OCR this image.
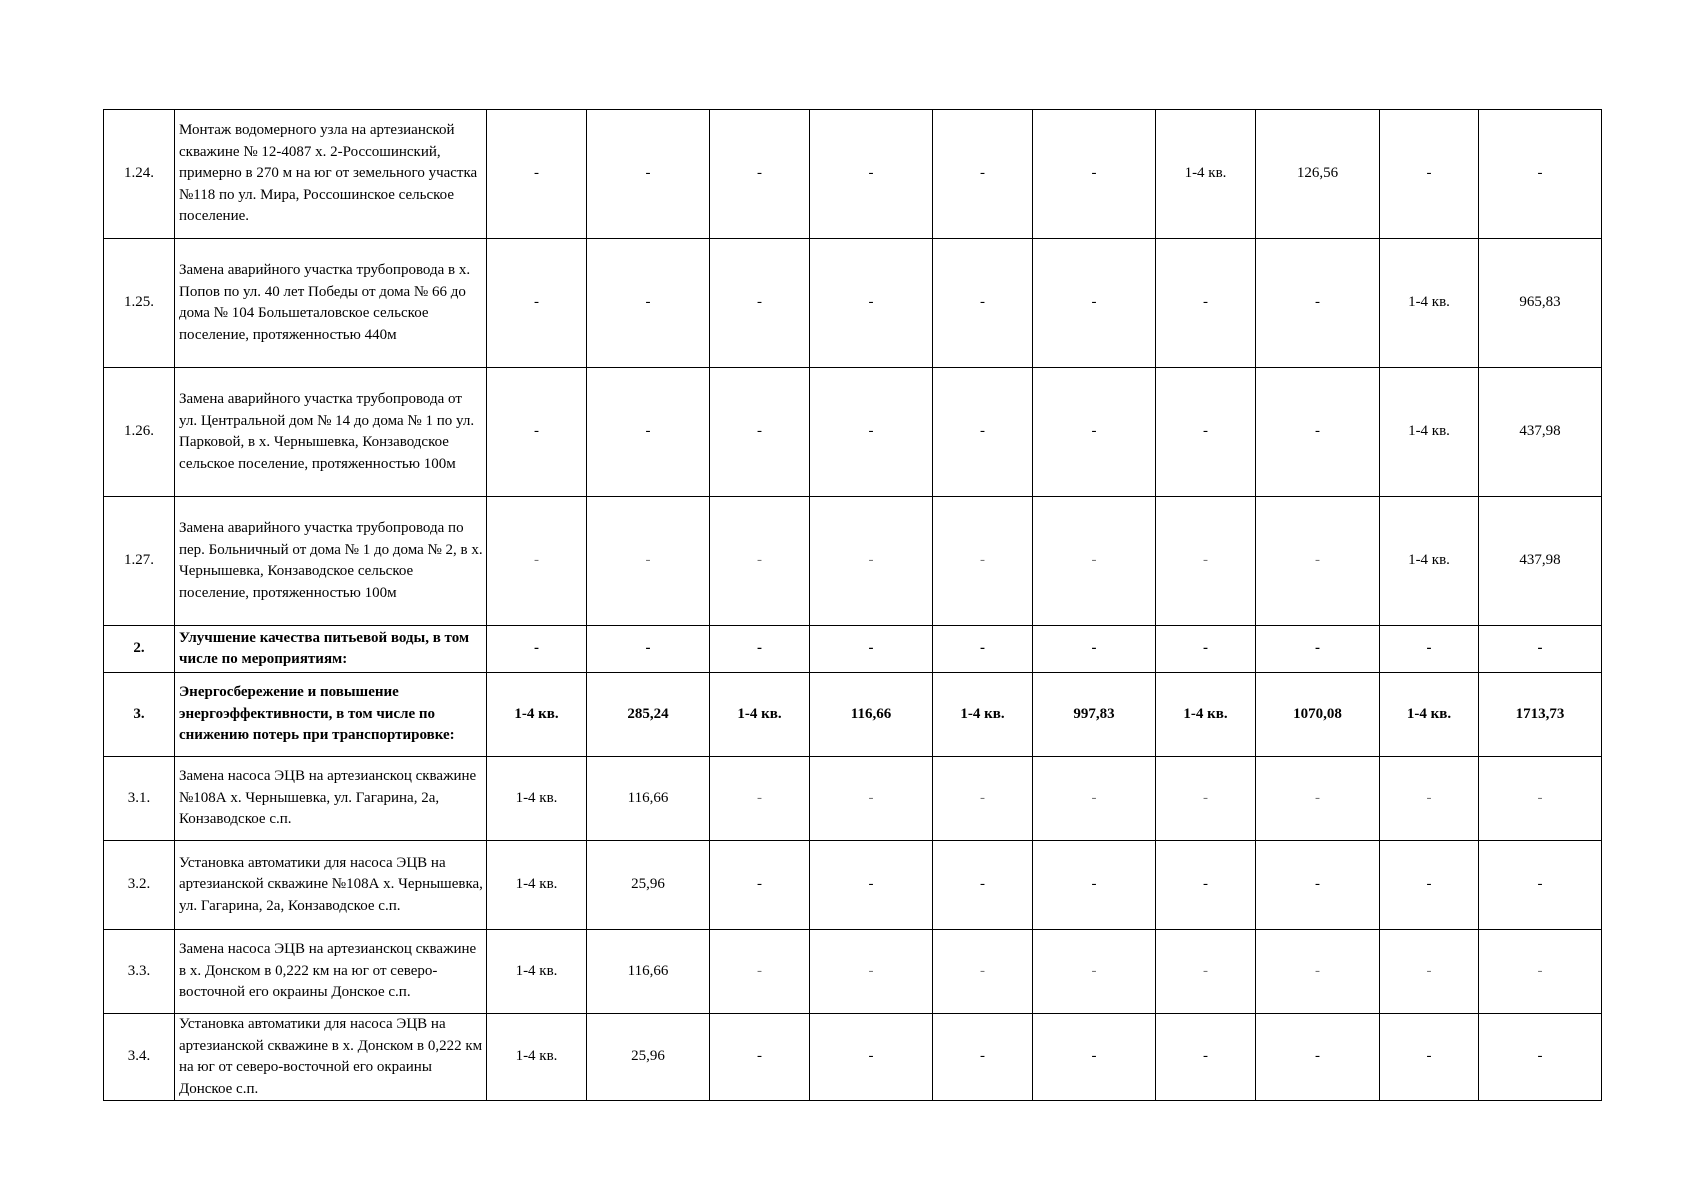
1.24.	Монтаж водомерного узла на артезианской скважине № 12-4087 х. 2-Россошинский, примерно в 270 м на юг от земельного участка №118 по ул. Мира, Россошинское сельское поселение.	-	-	-	-	-	-	1-4 кв.	126,56	-	-
1.25.	Замена аварийного участка трубопровода в х. Попов по ул. 40 лет Победы от дома № 66 до дома № 104 Большеталовское сельское поселение, протяженностью 440м	-	-	-	-	-	-	-	-	1-4 кв.	965,83
1.26.	Замена аварийного участка трубопровода от ул. Центральной дом № 14 до дома № 1 по ул. Парковой, в х. Чернышевка, Конзаводское сельское поселение, протяженностью 100м	-	-	-	-	-	-	-	-	1-4 кв.	437,98
1.27.	Замена аварийного участка трубопровода по пер. Больничный от дома № 1 до дома № 2, в х. Чернышевка, Конзаводское сельское поселение, протяженностью 100м	-	-	-	-	-	-	-	-	1-4 кв.	437,98
2.	Улучшение качества питьевой воды, в том числе по мероприятиям:	-	-	-	-	-	-	-	-	-	-
3.	Энергосбережение и повышение энергоэффективности, в том числе по снижению потерь при транспортировке:	1-4 кв.	285,24	1-4 кв.	116,66	1-4 кв.	997,83	1-4 кв.	1070,08	1-4 кв.	1713,73
3.1.	Замена насоса ЭЦВ на артезианскоц скважине №108А х. Чернышевка, ул. Гагарина, 2а, Конзаводское с.п.	1-4 кв.	116,66	-	-	-	-	-	-	-	-
3.2.	Установка автоматики для насоса ЭЦВ на артезианской скважине №108А х. Чернышевка, ул. Гагарина, 2а, Конзаводское с.п.	1-4 кв.	25,96	-	-	-	-	-	-	-	-
3.3.	Замена насоса ЭЦВ на артезианскоц скважине в х. Донском в 0,222 км на юг от северо-восточной его окраины Донское с.п.	1-4 кв.	116,66	-	-	-	-	-	-	-	-
3.4.	Установка автоматики для насоса ЭЦВ на артезианской скважине в х. Донском в 0,222 км на юг от северо-восточной его окраины Донское с.п.	1-4 кв.	25,96	-	-	-	-	-	-	-	-
